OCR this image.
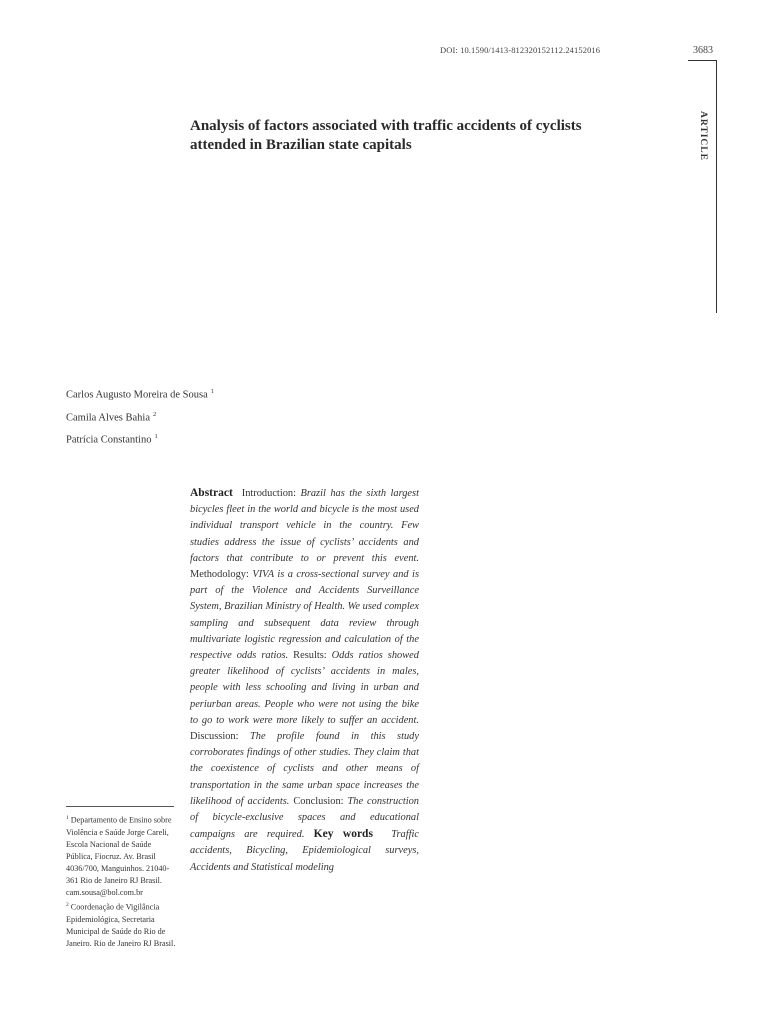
DOI: 10.1590/1413-812320152112.24152016	3683
ARTICLE
Analysis of factors associated with traffic accidents of cyclists attended in Brazilian state capitals
Carlos Augusto Moreira de Sousa $^1$
Camila Alves Bahia $^2$
Patrícia Constantino $^1$
Abstract Introduction: Brazil has the sixth largest bicycles fleet in the world and bicycle is the most used individual transport vehicle in the country. Few studies address the issue of cyclists’ accidents and factors that contribute to or prevent this event. Methodology: VIVA is a cross-sectional survey and is part of the Violence and Accidents Surveillance System, Brazilian Ministry of Health. We used complex sampling and subsequent data review through multivariate logistic regression and calculation of the respective odds ratios. Results: Odds ratios showed greater likelihood of cyclists’ accidents in males, people with less schooling and living in urban and periurban areas. People who were not using the bike to go to work were more likely to suffer an accident. Discussion: The profile found in this study corroborates findings of other studies. They claim that the coexistence of cyclists and other means of transportation in the same urban space increases the likelihood of accidents. Conclusion: The construction of bicycle-exclusive spaces and educational campaigns are required. Key words Traffic accidents, Bicycling, Epidemiological surveys, Accidents and Statistical modeling
$^1$ Departamento de Ensino sobre Violência e Saúde Jorge Careli, Escola Nacional de Saúde Pública, Fiocruz. Av. Brasil 4036/700, Manguinhos. 21040-361 Rio de Janeiro RJ Brasil. cam.sousa@bol.com.br
$^2$ Coordenação de Vigilância Epidemiológica, Secretaria Municipal de Saúde do Rio de Janeiro. Rio de Janeiro RJ Brasil.
